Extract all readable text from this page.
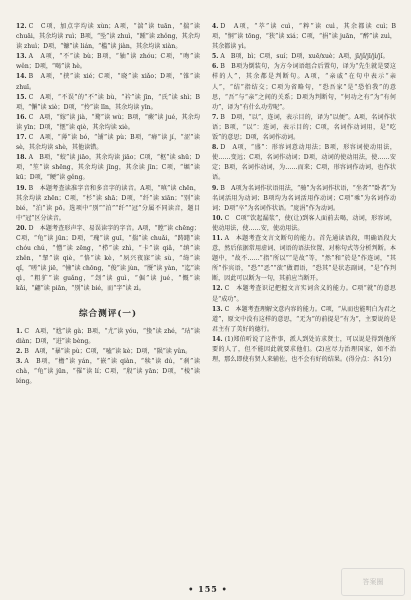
12. C　C项，加点字均读 xùn；A项，“湍”读 tuān，“揣”读 chuāi，其余均读 ruì；B项，“坠”读 zhuì，“踵”读 zhǒng，其余均读 zhuì；D项，“镰”读 lián，“槛”读 jiàn，其余均读 xiàn。
13. A　A项，“不”读 bù；B项，“轴”读 zhóu；C项，“吻”读 wěn；D项，“喝”读 hè。
14. B　A项，“挟”读 xié；C项，“晓”读 xiǎo；D项，“锥”读 zhuī。
15. C　A项，“不误”的“不”读 bù，“衿”读 jīn，“氏”读 shì；B项，“懈”读 xiè；D项，“拎”读 līn，其余均读 yīn。
16. C　A项，“嫁”读 jià，“鹜”读 wù；B项，“蕨”读 jué，其余均读 yīn；D项，“惬”读 qiè，其余均读 xiè。
17. C　A项，“薄”读 bó，“铺”读 pù；B项，“瘠”读 jí，“涩”读 sè，其余均读 shè，其他读错。
18. A　B项，“蛟”读 jiāo，其余均读 jiāo；C项，“枢”读 shū；D项，“笙”读 shēng，其余均读 jīng，其余读 jīn；C项，“堀”读 kū；D项，“鲠”读 gěng。
19. B　本题考查读准字音和多音字的读音。A项，“嗔”读 chēn，其余均读 zhēn；C项，“杉”读 shā；D项，“纤”读 xiān；“别”读 bié，“泊”读 pō。选项中“别”“泊”“纤”“冠”分属不同读音，题目中“冠”区分读音。
20. D　本题考查形声字、易误读字的字音。A项，“瞠”读 chēng；C项，“龟”读 jūn；D项，“瑰”读 guī，“揣”读 chuǎi，“踌躇”读 chóu chú，“憎”读 zēng，“栉”读 zhì，“卡”读 qiǎ，“缜”读 zhěn，“挈”读 qiè，“恪”读 kè，“夙兴夜寐”读 sù，“绮”读 qǐ，“嗟”读 jiē，“憧”读 chōng，“俊”读 jùn，“赝”读 yàn，“迄”读 qì，“粗犷”读 guǎng，“刽”读 guì，“倔”读 jué，“慨”读 kǎi，“翩”读 piān，“别”读 bié，而“字”读 zì。
综合测评(一)
1. C　A项，“尬”读 gà；B项，“尤”读 yóu，“蛰”读 zhé，“玷”读 diàn；D项，“迸”读 bèng。
2. B　A项，“暴”读 pù；C项，“嗑”读 kè；D项，“陨”读 yǔn。
3. A　B项，“檐”读 yán，“嵌”读 qiàn，“犊”读 dú，“刹”读 chà，“龟”读 jūn，“罹”读 lí；C项，“殷”读 yān；D项，“棱”读 léng。
4. D　A项，“萃”读 cuì，“粹”读 cuì，其余都读 cuì；B项，“恫”读 tōng，“狭”读 xiá；C项，“捐”读 juān，“醉”读 zuì，其余都读 yì。
5. A　B项，bì；C项，suí；D项，xuē/xuè；A项，jī/jǐ/jī/jì/jǐ。
6. B　B项为倒装句，为方今词语组合后置句，译为“先生就是要这样的人”，其余都是判断句。A项，“亲戚”在句中表示“亲人”，“结”指结交；C项为省略句，“恐吾家”是“恐怕我”的意思，“吾”与“亲”之间的关系；D项为判断句，“何功之有”为“有何功”，译为“有什么功劳呢”。
7. B　D项，“以”，连词，表示目的，译为“以便”。A项，名词作状语；B项，“以”：连词，表示目的；C项，名词作动词用，是“吃饭”的意思；D项，名词作动词。
8. D　A项，“盛”：形容词意动用法；B项，形容词使动用法，使……变远；C项，名词作动词；D项，动词的使动用法，使……安定；B项，名词作动词，为……而来；C项，形容词作动词，也作状语。
9. B　A项为名词作状语用法，“骑”为名词作状语，“坐者”“卧者”为名词活用为动词；B项均为名词活用作动词；C项“乘”为名词作动词；D项“卒”为名词作状语。“庞涓”作为动词。
10. C　C项“饮起漏浆”，使(让)到客人面前去喝，动词，形容词，使动用法，使……安，使动用法。
11. A　本题考查文言文断句的能力。首先通读语段，明确语段大意，然后依据常用虚词、词语的语法位置、对称句式等分析判断。本题中，“故不……”指“所以”“是故”等，“然”和“於是”作连词，“其所”作宾语，“恐”“恶”“欲”做谓语，“恐其”是状态副词，“是”作判断，因此可以断为一句，其前应当断开。
12. C　本题考查识记把握文言实词含义的能力。C项“就”的意思是“成功”。
13. C　本题考查理解文意内容的能力。C项，“从而也能明白为君之道”，原文中没有这样的意思，“无为”的前提是“有为”，主要说的是君主有了美好的德行。
14. (1)郑伯听说了这件事，派人到处访求贤士，可以说是得到他所要的人了，但不能因此就要求他们。(2)应尽力治理国家，如不治理，那么即使有贤人来辅佐，也不会有好的结果。(得分点：各1分)
• 155 •
答案圈
